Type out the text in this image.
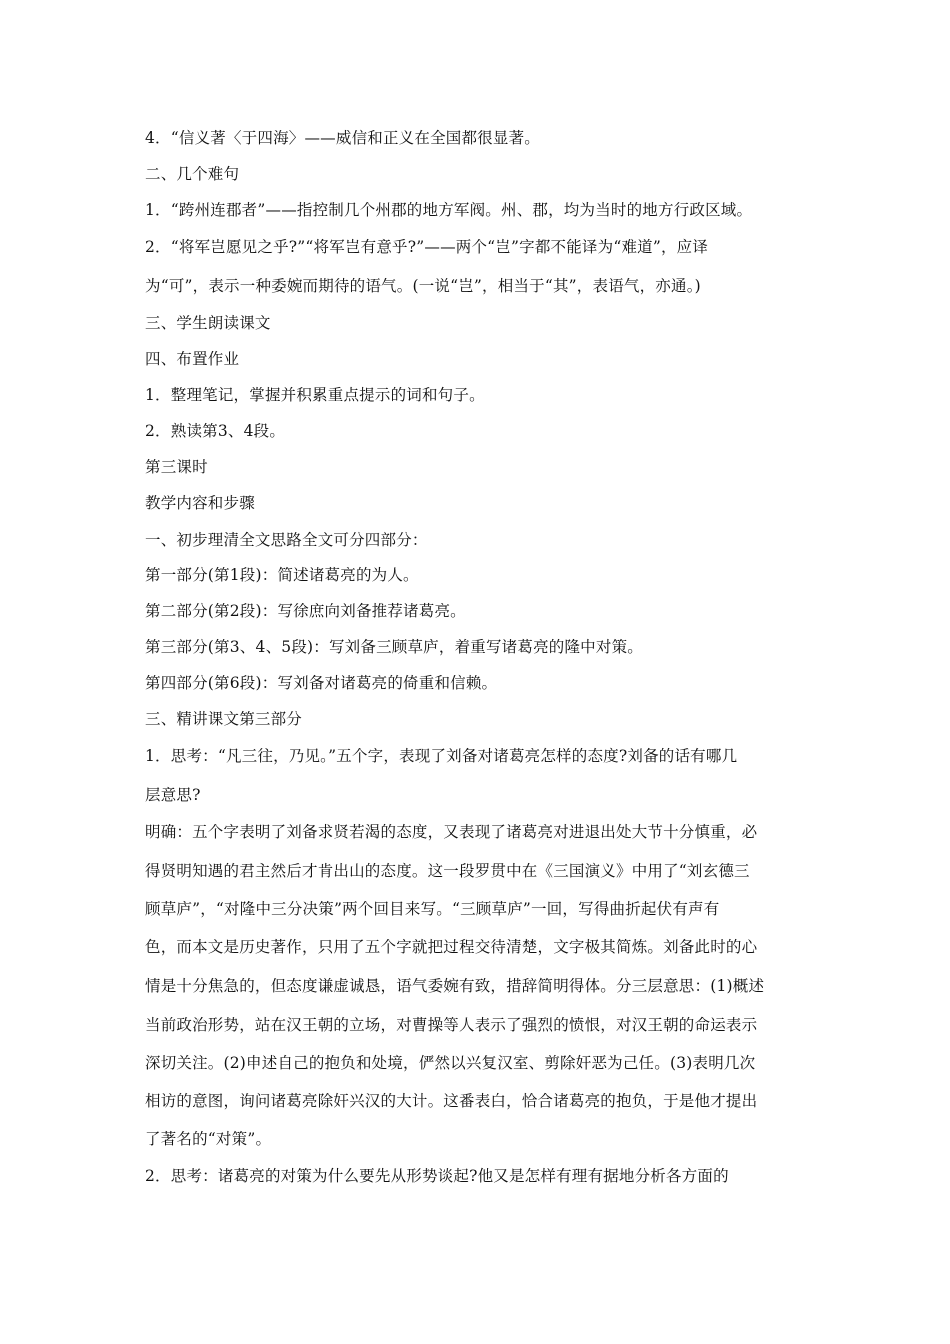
4．“信义著〈于四海〉——威信和正义在全国都很显著。
二、几个难句
1．“跨州连郡者”——指控制几个州郡的地方军阀。州、郡，均为当时的地方行政区域。
2．“将军岂愿见之乎?”“将军岂有意乎?”——两个“岂”字都不能译为“难道”，应译
为“可”，表示一种委婉而期待的语气。(一说“岂”，相当于“其”，表语气，亦通。)
三、学生朗读课文
四、布置作业
1．整理笔记，掌握并积累重点提示的词和句子。
2．熟读第3、4段。
第三课时
教学内容和步骤
一、初步理清全文思路全文可分四部分：
第一部分(第1段)：简述诸葛亮的为人。
第二部分(第2段)：写徐庶向刘备推荐诸葛亮。
第三部分(第3、4、5段)：写刘备三顾草庐，着重写诸葛亮的隆中对策。
第四部分(第6段)：写刘备对诸葛亮的倚重和信赖。
三、精讲课文第三部分
1．思考：“凡三往，乃见。”五个字，表现了刘备对诸葛亮怎样的态度?刘备的话有哪几
层意思?
明确：五个字表明了刘备求贤若渴的态度，又表现了诸葛亮对进退出处大节十分慎重，必
得贤明知遇的君主然后才肯出山的态度。这一段罗贯中在《三国演义》中用了“刘玄德三
顾草庐”，“对隆中三分决策”两个回目来写。“三顾草庐”一回，写得曲折起伏有声有
色，而本文是历史著作，只用了五个字就把过程交待清楚，文字极其简炼。刘备此时的心
情是十分焦急的，但态度谦虚诚恳，语气委婉有致，措辞简明得体。分三层意思：(1)概述
当前政治形势，站在汉王朝的立场，对曹操等人表示了强烈的愤恨，对汉王朝的命运表示
深切关注。(2)申述自己的抱负和处境，俨然以兴复汉室、剪除奸恶为己任。(3)表明几次
相访的意图，询问诸葛亮除奸兴汉的大计。这番表白，恰合诸葛亮的抱负，于是他才提出
了著名的“对策”。
2．思考：诸葛亮的对策为什么要先从形势谈起?他又是怎样有理有据地分析各方面的
